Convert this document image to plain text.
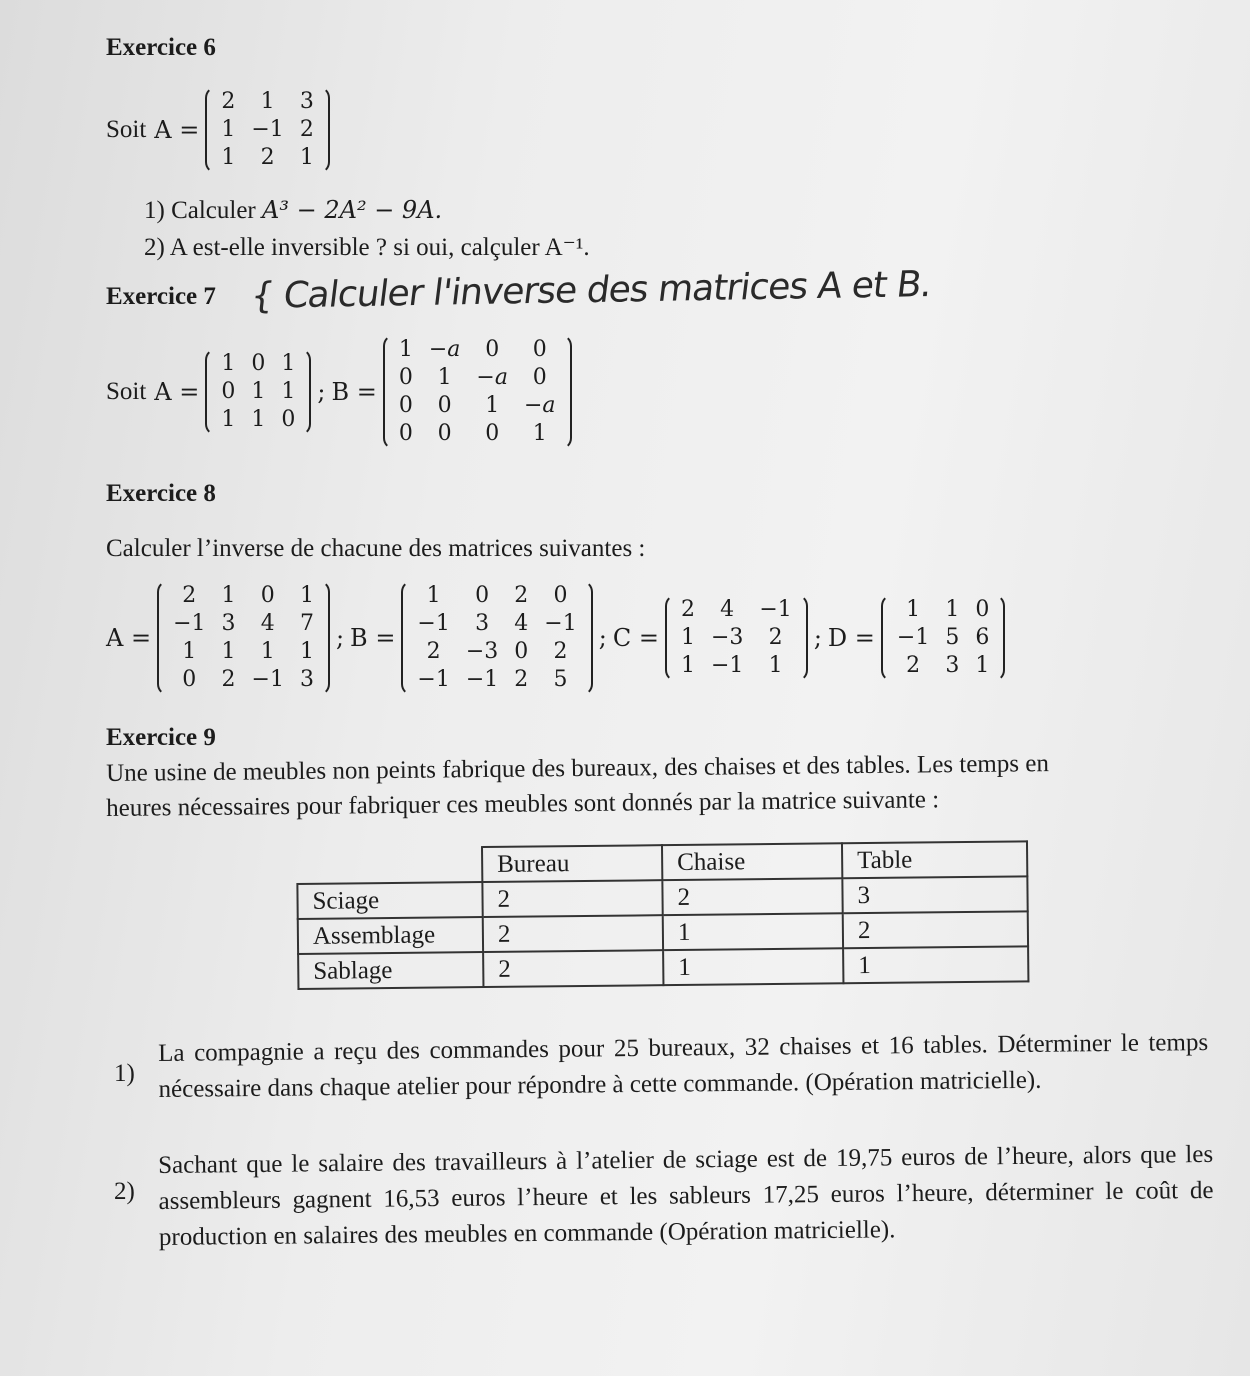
Exercice 6
Soit A =
2	1	3
1 −1 2
1	2	1
1) Calculer A³ − 2A² − 9A.
2) A est-elle inversible ? si oui, calçuler A⁻¹.
Exercice 7 { Calculer l'inverse des matrices A et B.
Soit A =
1 0 1
0 1 1
1 1 0
; B =
1 −a	0	0
0	1	−a	0
0	0	1	−a
0	0	0	1
Exercice 8
Calculer l’inverse de chacune des matrices suivantes :
A =
2	1	0	1
−1 3	4	7
1	1	1	1
0	2 −1 3
; B =
1	0	2	0
−1	3	4 −1
2	−3 0	2
−1 −1 2	5
; C =
2	4	−1
1 −3	2
1 −1	1
; D =
1	1 0
−1 5 6
2	3 1
Exercice 9
Une usine de meubles non peints fabrique des bureaux, des chaises et des tables. Les temps en
heures nécessaires pour fabriquer ces meubles sont donnés par la matrice suivante :
	Bureau	Chaise	Table
Sciage	2	2	3
Assemblage	2	1	2
Sablage	2	1	1
1)
La compagnie a reçu des commandes pour 25 bureaux, 32 chaises et 16 tables. Déterminer le temps nécessaire dans chaque atelier pour répondre à cette commande. (Opération matricielle).
2)
Sachant que le salaire des travailleurs à l’atelier de sciage est de 19,75 euros de l’heure, alors que les assembleurs gagnent 16,53 euros l’heure et les sableurs 17,25 euros l’heure, déterminer le coût de production en salaires des meubles en commande (Opération matricielle).
